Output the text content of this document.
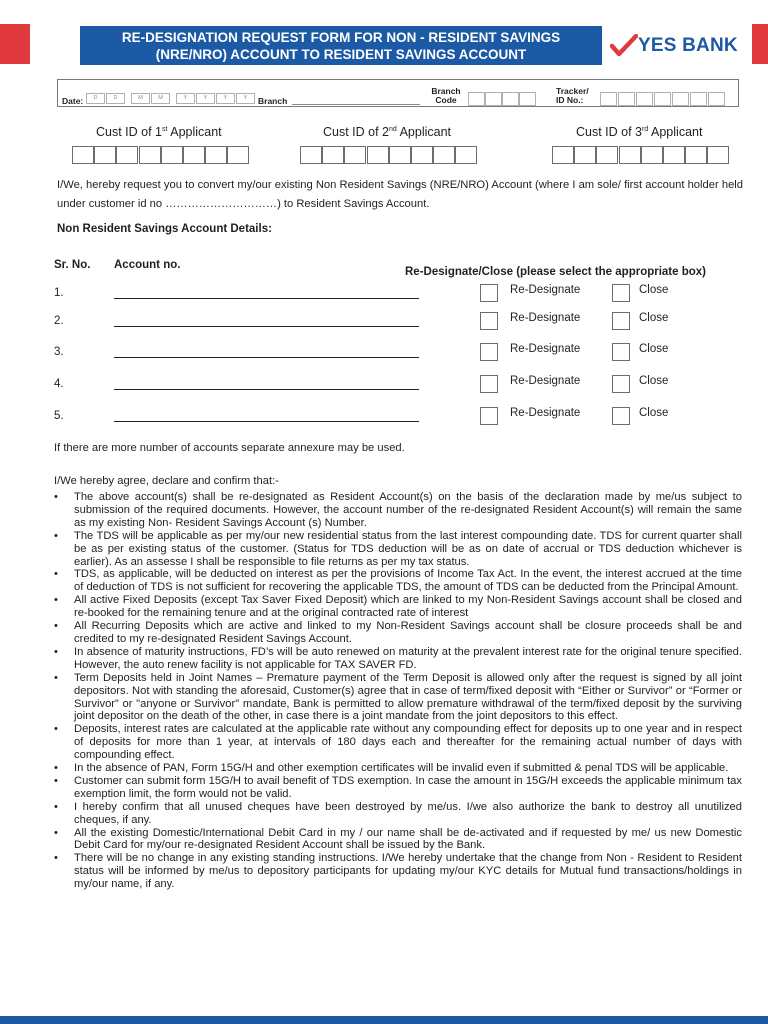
RE-DESIGNATION REQUEST FORM FOR NON - RESIDENT SAVINGS
(NRE/NRO) ACCOUNT TO RESIDENT SAVINGS ACCOUNT	YES BANK
Date:	D	D	M	M	Y	Y	Y	Y	Branch
Branch
Code
Tracker/
ID No.:
Cust ID of 1st Applicant	Cust ID of 2nd Applicant	Cust ID of 3rd Applicant
I/We, hereby request you to convert my/our existing Non Resident Savings (NRE/NRO) Account (where I am sole/ first account holder held under customer id no …………………………) to Resident Savings Account.
Non Resident Savings Account Details:
Sr. No. Account no.
Re-Designate/Close (please select the appropriate box)
1.	Re-Designate	Close
2.	Re-Designate	Close
3.	Re-Designate	Close
4.	Re-Designate	Close
5.	Re-Designate	Close
If there are more number of accounts separate annexure may be used.
I/We hereby agree, declare and confirm that:-
• The above account(s) shall be re-designated as Resident Account(s) on the basis of the declaration made by me/us subject to submission of the required documents. However, the account number of the re-designated Resident Account(s) will remain the same as my existing Non- Resident Savings Account (s) Number.
• The TDS will be applicable as per my/our new residential status from the last interest compounding date. TDS for current quarter shall be as per existing status of the customer. (Status for TDS deduction will be as on date of accrual or TDS deduction whichever is earlier). As an assesse I shall be responsible to file returns as per my tax status.
• TDS, as applicable, will be deducted on interest as per the provisions of Income Tax Act. In the event, the interest accrued at the time of deduction of TDS is not sufficient for recovering the applicable TDS, the amount of TDS can be deducted from the Principal Amount.
• All active Fixed Deposits (except Tax Saver Fixed Deposit) which are linked to my Non-Resident Savings account shall be closed and re-booked for the remaining tenure and at the original contracted rate of interest
• All Recurring Deposits which are active and linked to my Non-Resident Savings account shall be closure proceeds shall be and credited to my re-designated Resident Savings Account.
• In absence of maturity instructions, FD’s will be auto renewed on maturity at the prevalent interest rate for the original tenure specified. However, the auto renew facility is not applicable for TAX SAVER FD.
• Term Deposits held in Joint Names – Premature payment of the Term Deposit is allowed only after the request is signed by all joint depositors. Not with standing the aforesaid, Customer(s) agree that in case of term/fixed deposit with “Either or Survivor” or “Former or Survivor” or "anyone or Survivor" mandate, Bank is permitted to allow premature withdrawal of the term/fixed deposit by the surviving joint depositor on the death of the other, in case there is a joint mandate from the joint depositors to this effect.
• Deposits, interest rates are calculated at the applicable rate without any compounding effect for deposits up to one year and in respect of deposits for more than 1 year, at intervals of 180 days each and thereafter for the remaining actual number of days with compounding effect.
• In the absence of PAN, Form 15G/H and other exemption certificates will be invalid even if submitted & penal TDS will be applicable.
• Customer can submit form 15G/H to avail benefit of TDS exemption. In case the amount in 15G/H exceeds the applicable minimum tax exemption limit, the form would not be valid.
• I hereby confirm that all unused cheques have been destroyed by me/us. I/we also authorize the bank to destroy all unutilized cheques, if any.
• All the existing Domestic/International Debit Card in my / our name shall be de-activated and if requested by me/ us new Domestic Debit Card for my/our re-designated Resident Account shall be issued by the Bank.
• There will be no change in any existing standing instructions. I/We hereby undertake that the change from Non - Resident to Resident status will be informed by me/us to depository participants for updating my/our KYC details for Mutual fund transactions/holdings in my/our name, if any.
